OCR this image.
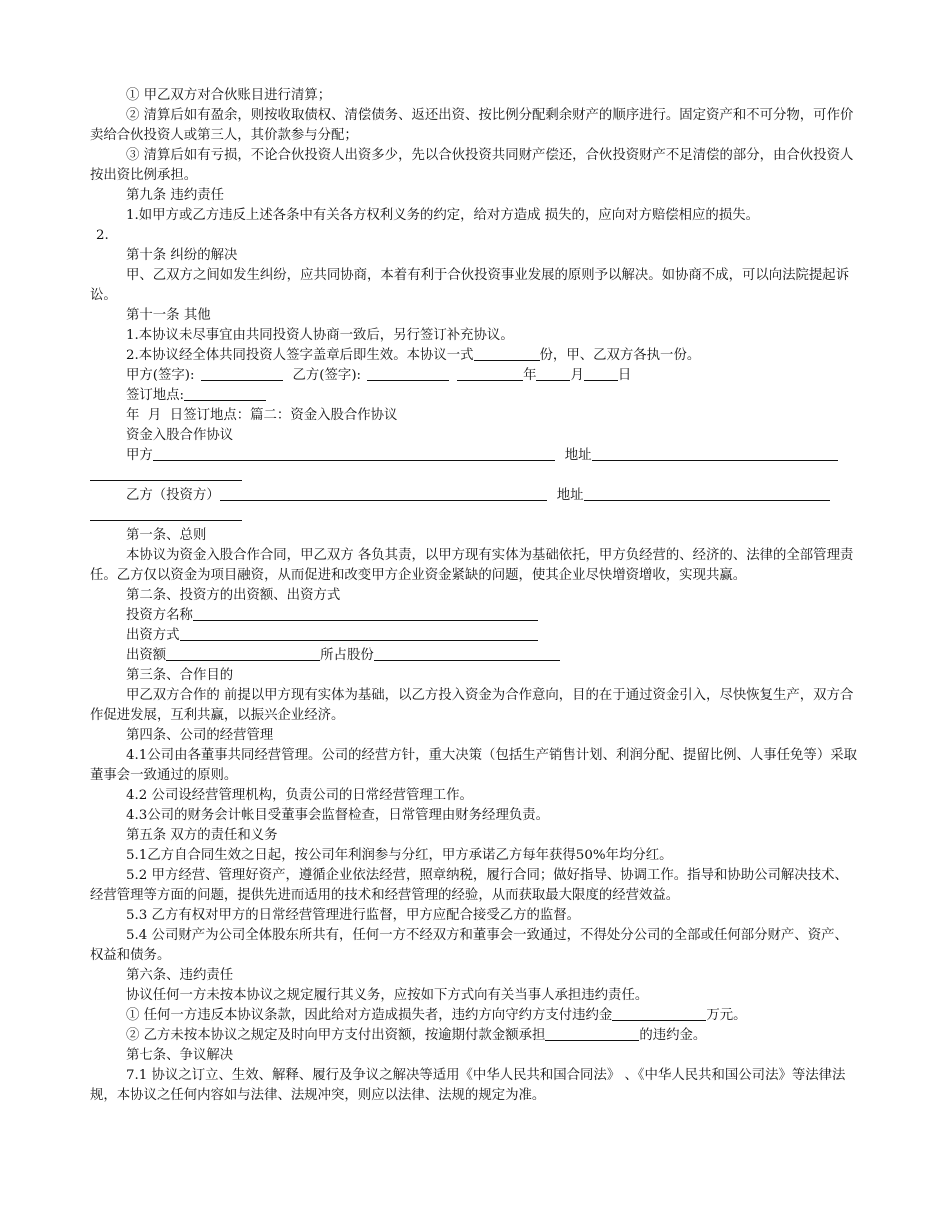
① 甲乙双方对合伙账目进行清算；

② 清算后如有盈余，则按收取债权、清偿债务、返还出资、按比例分配剩余财产的顺序进行。固定资产和不可分物，可作价卖给合伙投资人或第三人，其价款参与分配；

③ 清算后如有亏损，不论合伙投资人出资多少，先以合伙投资共同财产偿还，合伙投资财产不足清偿的部分，由合伙投资人按出资比例承担。

第九条 违约责任

1.如甲方或乙方违反上述各条中有关各方权利义务的约定，给对方造成 损失的，应向对方赔偿相应的损失。

2.

第十条 纠纷的解决

甲、乙双方之间如发生纠纷，应共同协商，本着有利于合伙投资事业发展的原则予以解决。如协商不成，可以向法院提起诉讼。

第十一条 其他

1.本协议未尽事宜由共同投资人协商一致后，另行签订补充协议。

2.本协议经全体共同投资人签字盖章后即生效。本协议一式	份，甲、乙双方各执一份。

甲方(签字):	乙方(签字):	年	月	日

签订地点:

年  月  日签订地点：篇二：资金入股合作协议

资金入股合作协议

甲方	地址

乙方（投资方）	地址

第一条、总则

本协议为资金入股合作合同，甲乙双方 各负其责，以甲方现有实体为基础依托，甲方负经营的、经济的、法律的全部管理责任。乙方仅以资金为项目融资，从而促进和改变甲方企业资金紧缺的问题，使其企业尽快增资增收，实现共赢。

第二条、投资方的出资额、出资方式

投资方名称

出资方式

出资额	所占股份

第三条、合作目的

甲乙双方合作的 前提以甲方现有实体为基础，以乙方投入资金为合作意向，目的在于通过资金引入，尽快恢复生产，双方合作促进发展，互利共赢，以振兴企业经济。

第四条、公司的经营管理

4.1公司由各董事共同经营管理。公司的经营方针，重大决策（包括生产销售计划、利润分配、提留比例、人事任免等）采取董事会一致通过的原则。

4.2 公司设经营管理机构，负责公司的日常经营管理工作。

4.3公司的财务会计帐目受董事会监督检查，日常管理由财务经理负责。

第五条 双方的责任和义务

5.1乙方自合同生效之日起，按公司年利润参与分红，甲方承诺乙方每年获得50%年均分红。

5.2 甲方经营、管理好资产，遵循企业依法经营，照章纳税，履行合同；做好指导、协调工作。指导和协助公司解决技术、经营管理等方面的问题，提供先进而适用的技术和经营管理的经验，从而获取最大限度的经营效益。

5.3 乙方有权对甲方的日常经营管理进行监督，甲方应配合接受乙方的监督。

5.4 公司财产为公司全体股东所共有，任何一方不经双方和董事会一致通过，不得处分公司的全部或任何部分财产、资产、权益和债务。

第六条、违约责任

协议任何一方未按本协议之规定履行其义务，应按如下方式向有关当事人承担违约责任。

① 任何一方违反本协议条款，因此给对方造成损失者，违约方向守约方支付违约金	万元。

② 乙方未按本协议之规定及时向甲方支付出资额，按逾期付款金额承担	的违约金。

第七条、争议解决

7.1 协议之订立、生效、解释、履行及争议之解决等适用《中华人民共和国合同法》 、《中华人民共和国公司法》等法律法规，本协议之任何内容如与法律、法规冲突，则应以法律、法规的规定为准。
